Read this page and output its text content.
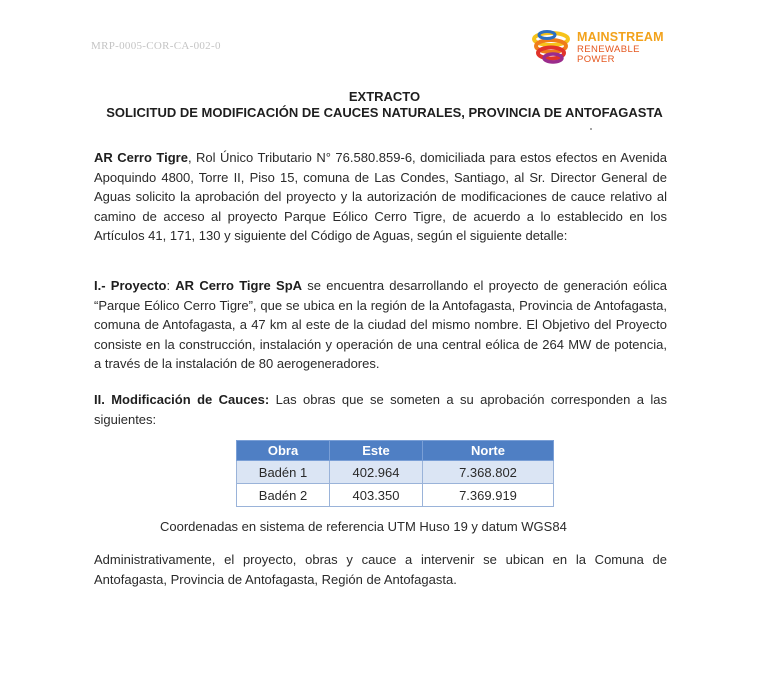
MRP-0005-COR-CA-002-0
MAINSTREAM
RENEWABLE
POWER
EXTRACTO
SOLICITUD DE MODIFICACIÓN DE CAUCES NATURALES, PROVINCIA DE ANTOFAGASTA

AR Cerro Tigre, Rol Único Tributario N° 76.580.859-6, domiciliada para estos efectos en Avenida Apoquindo 4800, Torre II, Piso 15, comuna de Las Condes, Santiago, al Sr. Director General de Aguas solicito la aprobación del proyecto y la autorización de modificaciones de cauce relativo al camino de acceso al proyecto Parque Eólico Cerro Tigre, de acuerdo a lo establecido en los Artículos 41, 171, 130 y siguiente del Código de Aguas, según el siguiente detalle:

I.- Proyecto: AR Cerro Tigre SpA se encuentra desarrollando el proyecto de generación eólica “Parque Eólico Cerro Tigre”, que se ubica en la región de la Antofagasta, Provincia de Antofagasta, comuna de Antofagasta, a 47 km al este de la ciudad del mismo nombre. El Objetivo del Proyecto consiste en la construcción, instalación y operación de una central eólica de 264 MW de potencia, a través de la instalación de 80 aerogeneradores.

II. Modificación de Cauces: Las obras que se someten a su aprobación corresponden a las siguientes:

Obra	Este	Norte
Badén 1	402.964	7.368.802
Badén 2	403.350	7.369.919
Coordenadas en sistema de referencia UTM Huso 19 y datum WGS84

Administrativamente, el proyecto, obras y cauce a intervenir se ubican en la Comuna de Antofagasta, Provincia de Antofagasta, Región de Antofagasta.
